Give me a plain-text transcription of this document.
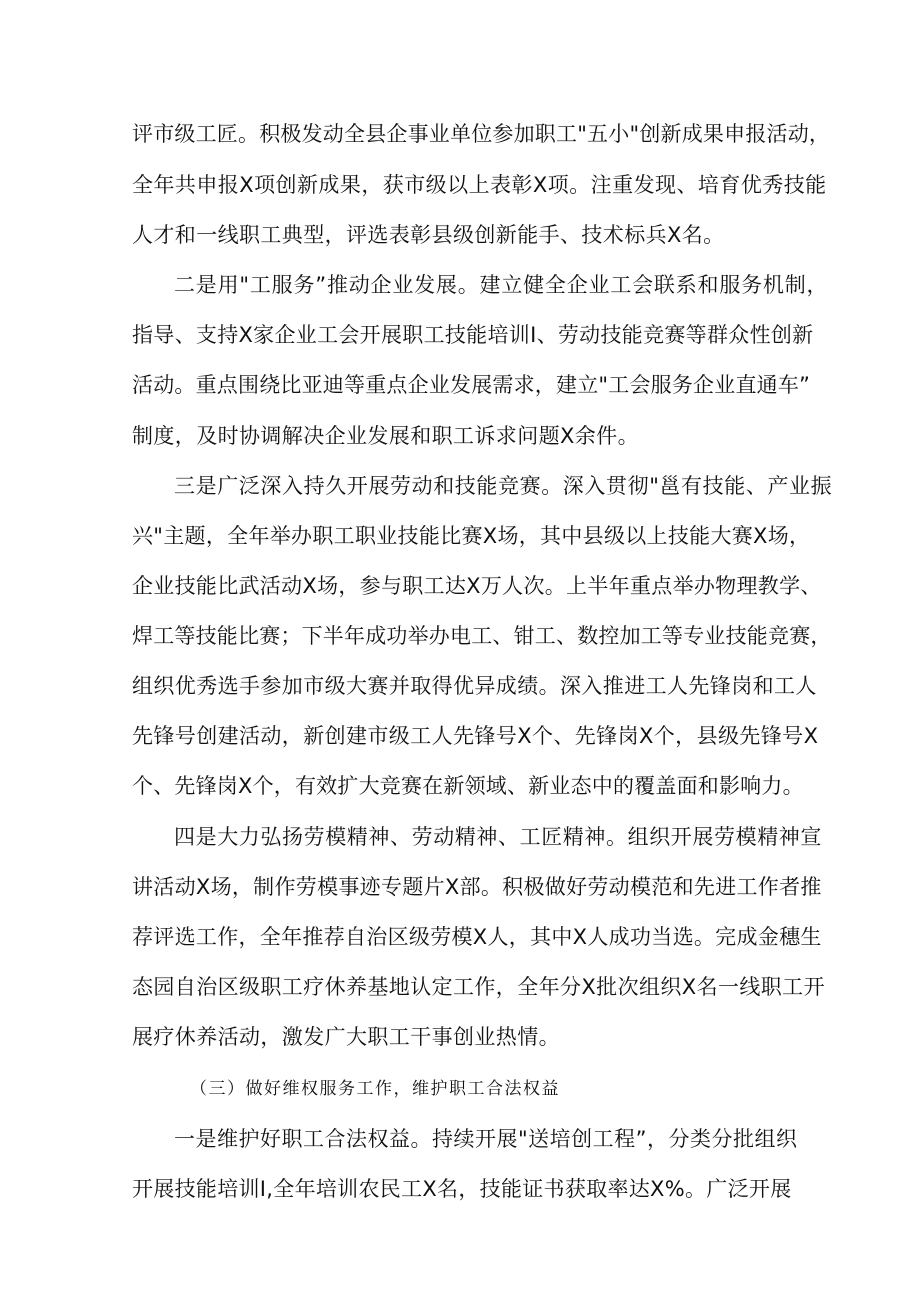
评市级工匠。积极发动全县企事业单位参加职工"五小"创新成果申报活动，
全年共申报X项创新成果，获市级以上表彰X项。注重发现、培育优秀技能
人才和一线职工典型，评选表彰县级创新能手、技术标兵X名。
二是用"工服务”推动企业发展。建立健全企业工会联系和服务机制，
指导、支持X家企业工会开展职工技能培训I、劳动技能竞赛等群众性创新
活动。重点围绕比亚迪等重点企业发展需求，建立"工会服务企业直通车”
制度，及时协调解决企业发展和职工诉求问题X余件。
三是广泛深入持久开展劳动和技能竞赛。深入贯彻"邕有技能、产业振
兴"主题，全年举办职工职业技能比赛X场，其中县级以上技能大赛X场，
企业技能比武活动X场，参与职工达X万人次。上半年重点举办物理教学、
焊工等技能比赛；下半年成功举办电工、钳工、数控加工等专业技能竞赛，
组织优秀选手参加市级大赛并取得优异成绩。深入推进工人先锋岗和工人
先锋号创建活动，新创建市级工人先锋号X个、先锋岗X个，县级先锋号X
个、先锋岗X个，有效扩大竞赛在新领域、新业态中的覆盖面和影响力。
四是大力弘扬劳模精神、劳动精神、工匠精神。组织开展劳模精神宣
讲活动X场，制作劳模事迹专题片X部。积极做好劳动模范和先进工作者推
荐评选工作，全年推荐自治区级劳模X人，其中X人成功当选。完成金穗生
态园自治区级职工疗休养基地认定工作，全年分X批次组织X名一线职工开
展疗休养活动，激发广大职工干事创业热情。
（三）做好维权服务工作，维护职工合法权益
一是维护好职工合法权益。持续开展"送培创工程”，分类分批组织
开展技能培训I,全年培训农民工X名，技能证书获取率达X%。广泛开展
